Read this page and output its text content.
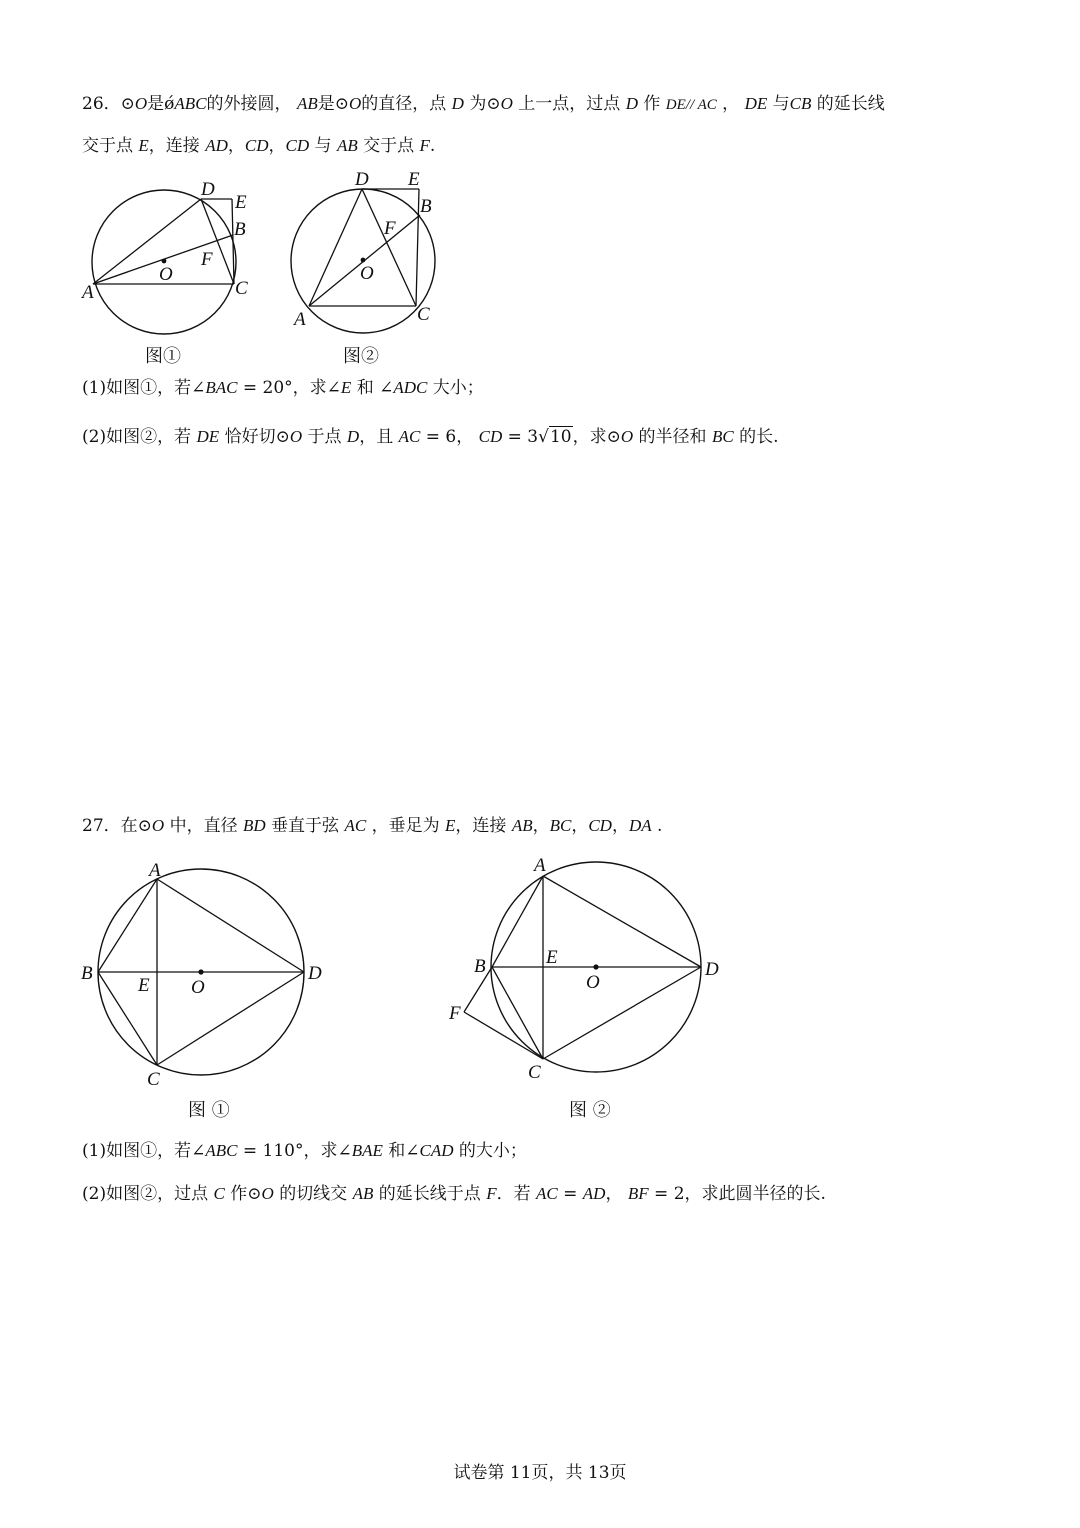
26．⊙O是ǿABC的外接圆， AB是⊙O的直径，点 D 为⊙O 上一点，过点 D 作 DE// AC ， DE 与CB 的延长线
交于点 E，连接 AD，CD，CD 与 AB 交于点 F.
D
E
B
F
O
A	C
图①
D E
B
F
O
A	C
图②
(1)如图①，若∠BAC = 20°，求∠E 和 ∠ADC 大小；
(2)如图②，若 DE 恰好切⊙O 于点 D，且 AC = 6， CD = 3√10，求⊙O 的半径和 BC 的长.
27．在⊙O 中，直径 BD 垂直于弦 AC ，垂足为 E，连接 AB，BC，CD，DA .
A
B
E O
D
C
图 ①
A
B	E
O
D
F
C
图 ②
(1)如图①，若∠ABC = 110°，求∠BAE 和∠CAD 的大小；
(2)如图②，过点 C 作⊙O 的切线交 AB 的延长线于点 F．若 AC = AD， BF = 2，求此圆半径的长.
试卷第 11页，共 13页
